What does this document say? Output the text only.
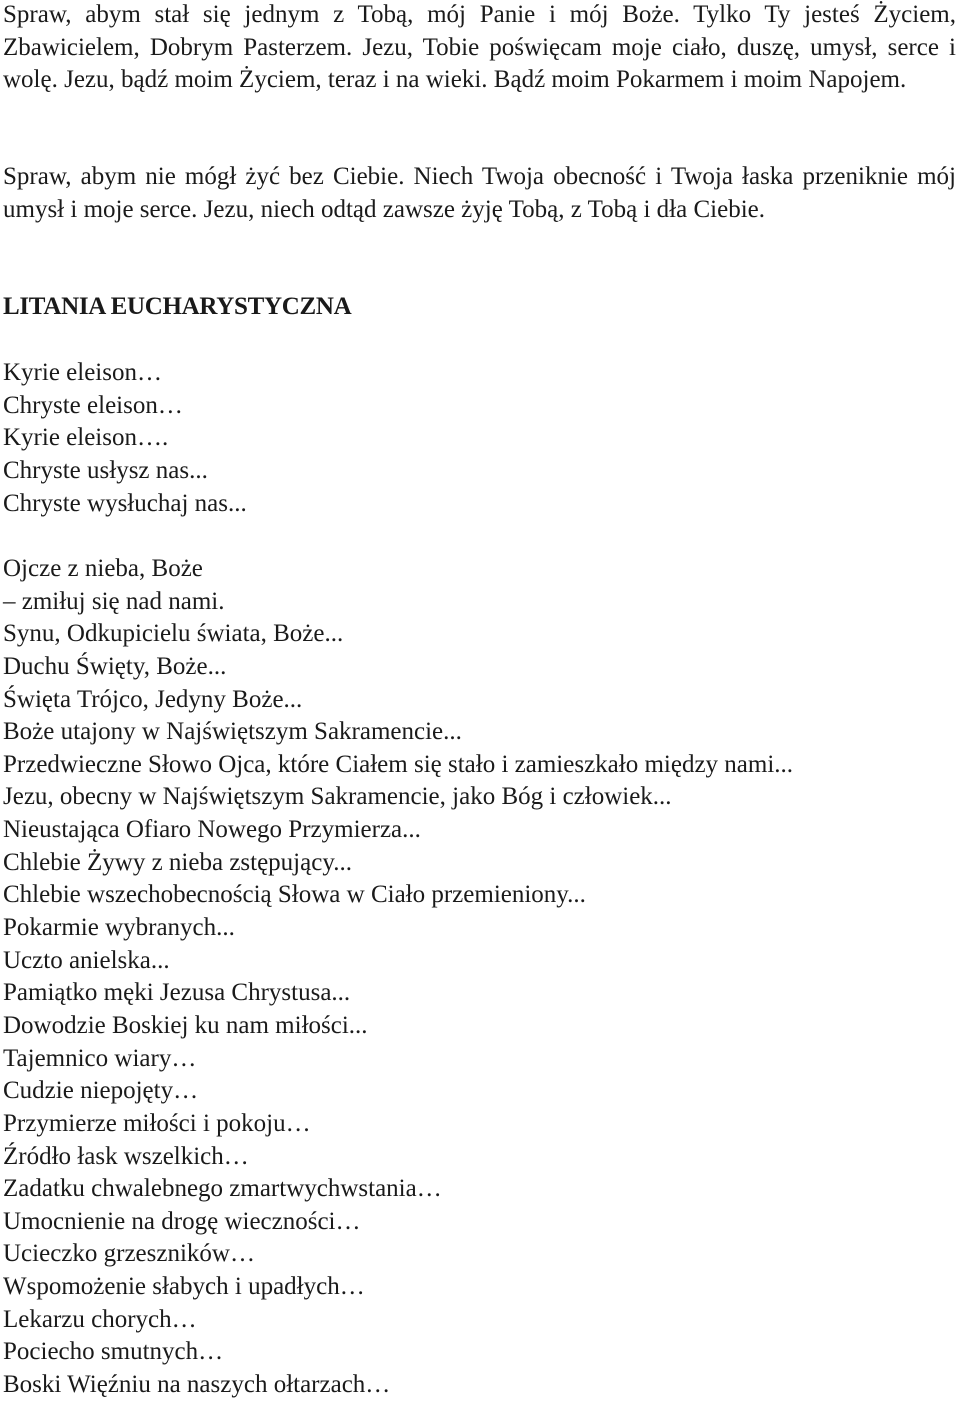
Spraw, abym stał się jednym z Tobą, mój Panie i mój Boże. Tylko Ty jesteś Życiem, Zbawicielem, Dobrym Pasterzem. Jezu, Tobie poświęcam moje ciało, duszę, umysł, serce i wolę. Jezu, bądź moim Życiem, teraz i na wieki. Bądź moim Pokarmem i moim Napojem.

Spraw, abym nie mógł żyć bez Ciebie. Niech Twoja obecność i Twoja łaska przeniknie mój umysł i moje serce. Jezu, niech odtąd zawsze żyję Tobą, z Tobą i dła Ciebie.

LITANIA EUCHARYSTYCZNA
Kyrie eleison…
Chryste eleison…
Kyrie eleison….
Chryste usłysz nas...
Chryste wysłuchaj nas...
Ojcze z nieba, Boże
– zmiłuj się nad nami.
Synu, Odkupicielu świata, Boże...
Duchu Święty, Boże...
Święta Trójco, Jedyny Boże...
Boże utajony w Najświętszym Sakramencie...
Przedwieczne Słowo Ojca, które Ciałem się stało i zamieszkało między nami...
Jezu, obecny w Najświętszym Sakramencie, jako Bóg i człowiek...
Nieustająca Ofiaro Nowego Przymierza...
Chlebie Żywy z nieba zstępujący...
Chlebie wszechobecnością Słowa w Ciało przemieniony...
Pokarmie wybranych...
Uczto anielska...
Pamiątko męki Jezusa Chrystusa...
Dowodzie Boskiej ku nam miłości...
Tajemnico wiary…
Cudzie niepojęty…
Przymierze miłości i pokoju…
Źródło łask wszelkich…
Zadatku chwalebnego zmartwychwstania…
Umocnienie na drogę wieczności…
Ucieczko grzeszników…
Wspomożenie słabych i upadłych…
Lekarzu chorych…
Pociecho smutnych…
Boski Więźniu na naszych ołtarzach…
